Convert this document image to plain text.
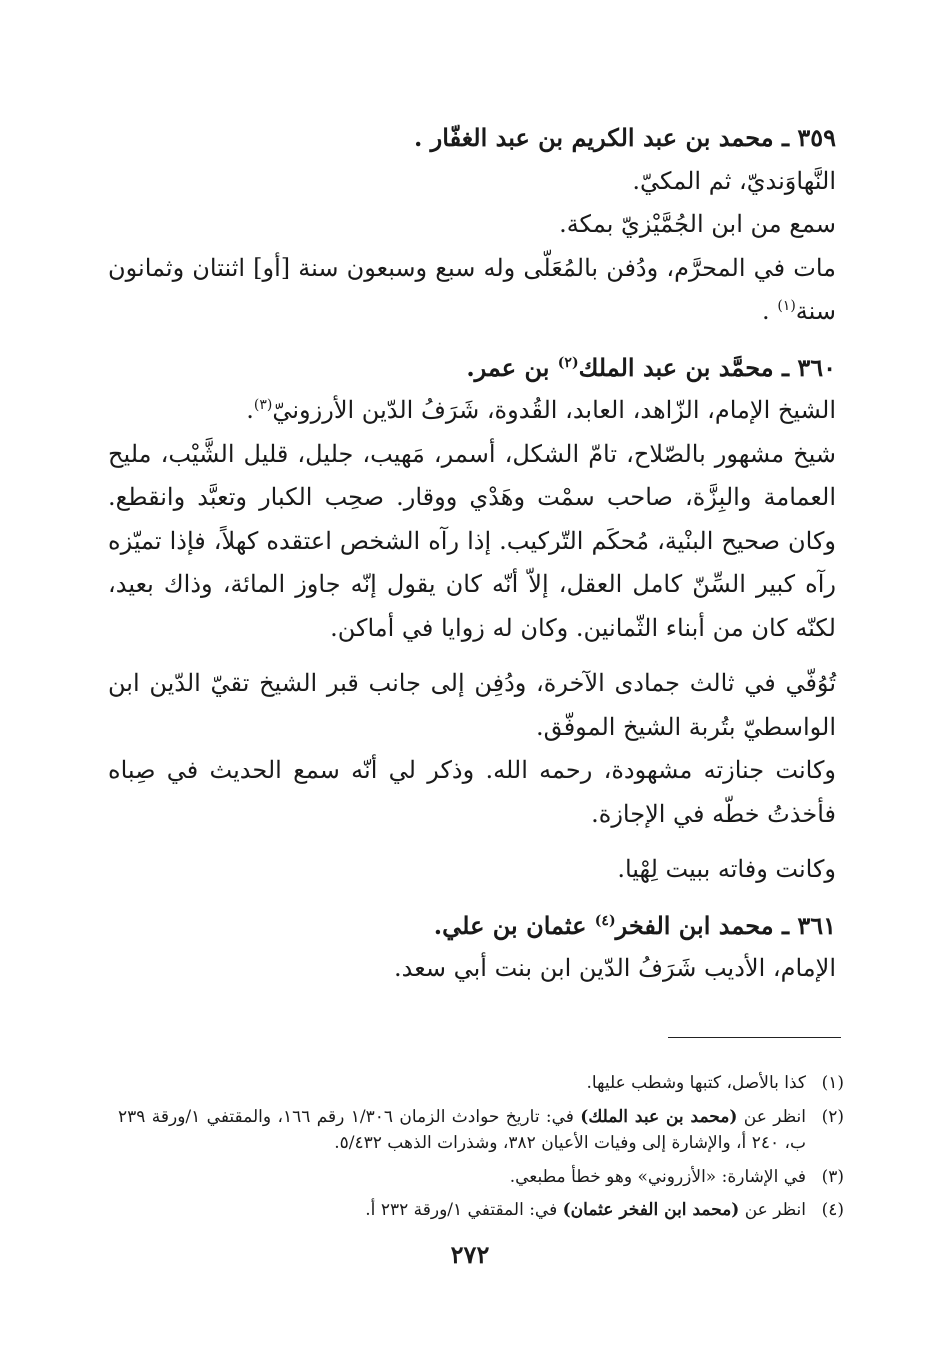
٣٥٩ ـ محمد بن عبد الكريم بن عبد الغفّار .

النَّهاوَنديّ، ثم المكيّ.

سمع من ابن الجُمَّيْزيّ بمكة.

مات في المحرَّم، ودُفن بالمُعَلّى وله سبع وسبعون سنة [أو] اثنتان وثمانون سنة$^{(١)}$ .

٣٦٠ ـ محمَّد بن عبد الملك$^{(٢)}$ بن عمر.

الشيخ الإمام، الزّاهد، العابد، القُدوة، شَرَفُ الدّين الأرزونيّ$^{(٣)}$.

شيخ مشهور بالصّلاح، تامّ الشكل، أسمر، مَهيب، جليل، قليل الشَّيْب، مليح العمامة والبِزَّة، صاحب سمْت وهَدْي ووقار. صحِب الكبار وتعبَّد وانقطع. وكان صحيح البنْية، مُحكَم التّركيب. إذا رآه الشخص اعتقده كهلاً، فإذا تميّزه رآه كبير السِّنّ كامل العقل، إلاّ أنّه كان يقول إنّه جاوز المائة، وذاك بعيد، لكنّه كان من أبناء الثّمانين. وكان له زوايا في أماكن.

تُوُفّي في ثالث جمادى الآخرة، ودُفِن إلى جانب قبر الشيخ تقيّ الدّين ابن الواسطيّ بتُربة الشيخ الموفّق.

وكانت جنازته مشهودة، رحمه الله. وذكر لي أنّه سمع الحديث في صِباه فأخذتُ خطّه في الإجازة.

وكانت وفاته ببيت لِهْيا.

٣٦١ ـ محمد ابن الفخر$^{(٤)}$ عثمان بن علي.

الإمام، الأديب شَرَفُ الدّين ابن بنت أبي سعد.

(١)
كذا بالأصل، كتبها وشطب عليها.
(٢)
انظر عن (محمد بن عبد الملك) في: تاريخ حوادث الزمان ١/٣٠٦ رقم ١٦٦، والمقتفي ١/ورقة ٢٣٩ ب، ٢٤٠ أ، والإشارة إلى وفيات الأعيان ٣٨٢، وشذرات الذهب ٥/٤٣٢.
(٣)
في الإشارة: «الأزروني» وهو خطأ مطبعي.
(٤)
انظر عن (محمد ابن الفخر عثمان) في: المقتفي ١/ورقة ٢٣٢ أ.
٢٧٢
